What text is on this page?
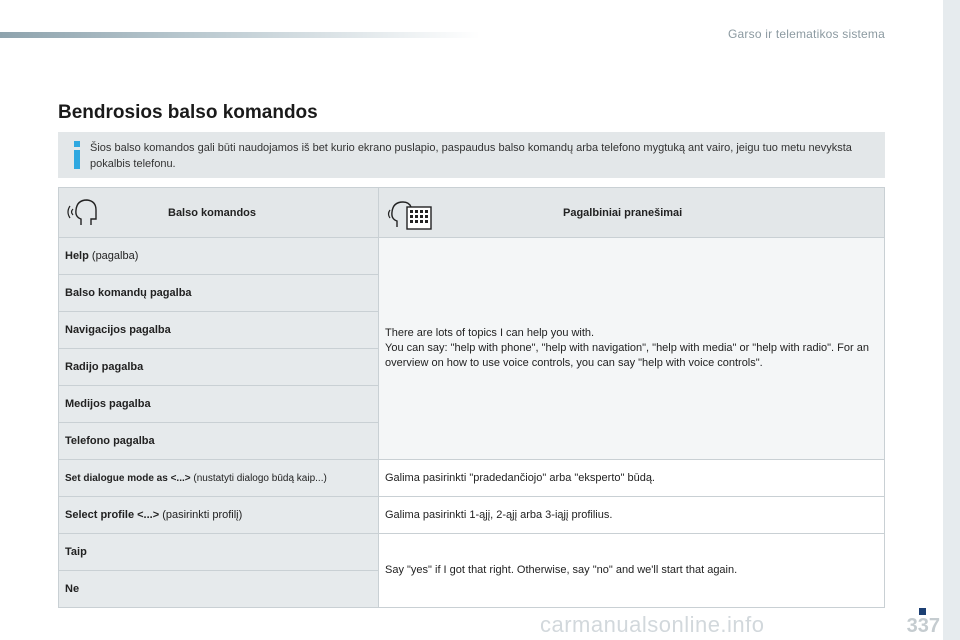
Garso ir telematikos sistema
Bendrosios balso komandos
Šios balso komandos gali būti naudojamos iš bet kurio ekrano puslapio, paspaudus balso komandų arba telefono mygtuką ant vairo, jeigu tuo metu nevyksta pokalbis telefonu.
Balso komandos	Pagalbiniai pranešimai

Help (pagalba)	There are lots of topics I can help you with.
You can say: "help with phone", "help with navigation", "help with media" or "help with radio". For an overview on how to use voice controls, you can say "help with voice controls".
Balso komandų pagalba	
Navigacijos pagalba	
Radijo pagalba	
Medijos pagalba	
Telefono pagalba	
Set dialogue mode as <...> (nustatyti dialogo būdą kaip...)	Galima pasirinkti "pradedančiojo" arba "eksperto" būdą.
Select profile <...> (pasirinkti profilį)	Galima pasirinkti 1-ąjį, 2-ąjį arba 3-iąjį profilius.
Taip	Say "yes" if I got that right. Otherwise, say "no" and we'll start that again.
Ne	
carmanualsonline.info	337
